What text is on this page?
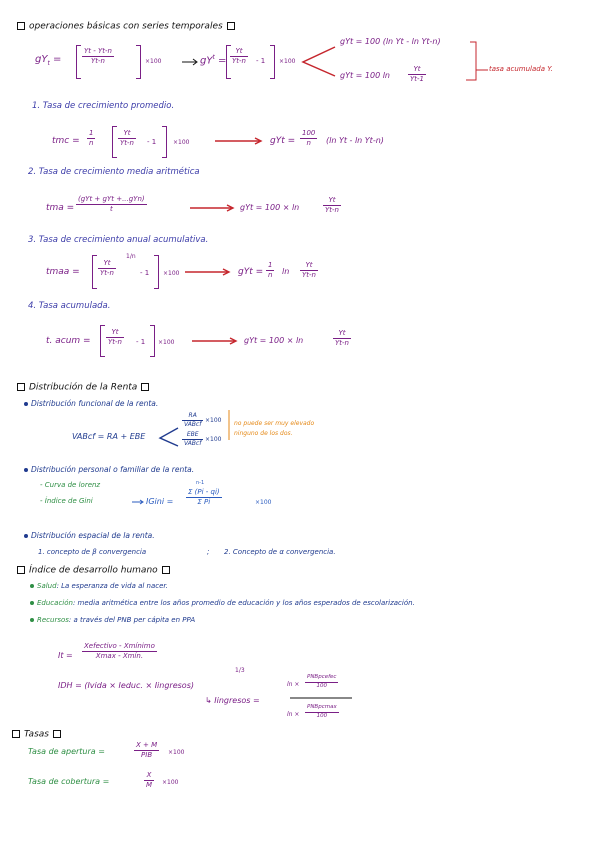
operaciones básicas con series temporales
$gY_t$ =
Yt - Yt-n
Yt-n	×100	$gY^t$ =
Yt
Yt-n - 1 ×100
gYt = 100 (ln Yt - ln Yt-n)
gYt = 100 ln
Yt
Yt-1
tasa acumulada Y.
1. Tasa de crecimiento promedio.
tmc =
1
n
Yt
Yt-n - 1	×100	gYt =
100
n (ln Yt - ln Yt-n)
2. Tasa de crecimiento media aritmética
tma =
(gYt + gYt +...gYn)
t	gYt = 100 × ln
Yt
Yt-n
3. Tasa de crecimiento anual acumulativa.
tmaa =
Yt
Yt-n
1/n
- 1 ×100	gYt =
1
n ln
Yt
Yt-n
4. Tasa acumulada.
t. acum =
Yt
Yt-n - 1 ×100	gYt = 100 × ln
Yt
Yt-n
Distribución de la Renta
Distribución funcional de la renta.
VABcf = RA + EBE
RA
VABcf
×100
EBE
VABcf
×100
no puede ser muy elevado
ninguno de los dos.
Distribución personal o familiar de la renta.
- Curva de lorenz
- Índice de Gini	IGini =
n-1
Σ (Pi - qi)
Σ Pi	×100
Distribución espacial de la renta.
1. concepto de β convergencia	; 2. Concepto de α convergencia.
Índice de desarrollo humano
Salud: La esperanza de vida al nacer.
Educación: media aritmética entre los años promedio de educación y los años esperados de escolarización.
Recursos: a través del PNB per cápita en PPA
It =
Xefectivo - Xmínimo
Xmax - Xmín.
IDH = (Ivida × Ieduc. × Iingresos)
1/3
↳ Iingresos =
ln ×
PNBpcefec
100
ln ×
PNBpcmax
100
Tasas
Tasa de apertura =
X + M
PIB	×100
Tasa de cobertura =
X
M	×100
